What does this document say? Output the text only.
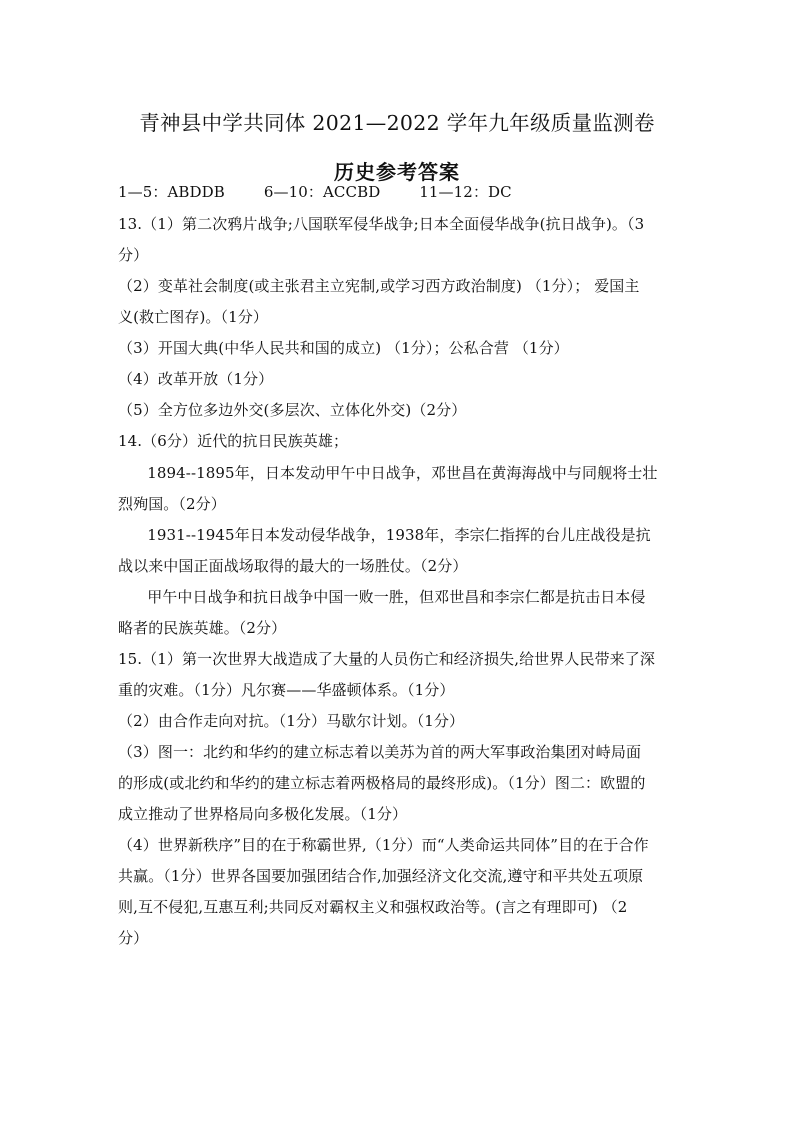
青神县中学共同体 2021—2022 学年九年级质量监测卷
历史参考答案
1—5：ABDDB        6—10：ACCBD        11—12：DC
13.（1）第二次鸦片战争;八国联军侵华战争;日本全面侵华战争(抗日战争)。（3
分）
（2）变革社会制度(或主张君主立宪制,或学习西方政治制度) （1分）； 爱国主
义(救亡图存)。（1分）
（3）开国大典(中华人民共和国的成立) （1分）；公私合营 （1分）
（4）改革开放（1分）
（5）全方位多边外交(多层次、立体化外交)（2分）
14.（6分）近代的抗日民族英雄；
1894--1895年，日本发动甲午中日战争，邓世昌在黄海海战中与同舰将士壮
烈殉国。（2分）
1931--1945年日本发动侵华战争，1938年，李宗仁指挥的台儿庄战役是抗
战以来中国正面战场取得的最大的一场胜仗。（2分）
甲午中日战争和抗日战争中国一败一胜，但邓世昌和李宗仁都是抗击日本侵
略者的民族英雄。（2分）
15.（1）第一次世界大战造成了大量的人员伤亡和经济损失,给世界人民带来了深
重的灾难。（1分）凡尔赛——华盛顿体系。（1分）
（2）由合作走向对抗。（1分）马歇尔计划。（1分）
（3）图一：北约和华约的建立标志着以美苏为首的两大军事政治集团对峙局面
的形成(或北约和华约的建立标志着两极格局的最终形成)。（1分）图二：欧盟的
成立推动了世界格局向多极化发展。（1分）
（4）世界新秩序”目的在于称霸世界,（1分）而“人类命运共同体”目的在于合作
共赢。（1分）世界各国要加强团结合作,加强经济文化交流,遵守和平共处五项原
则,互不侵犯,互惠互利;共同反对霸权主义和强权政治等。(言之有理即可) （2
分）
